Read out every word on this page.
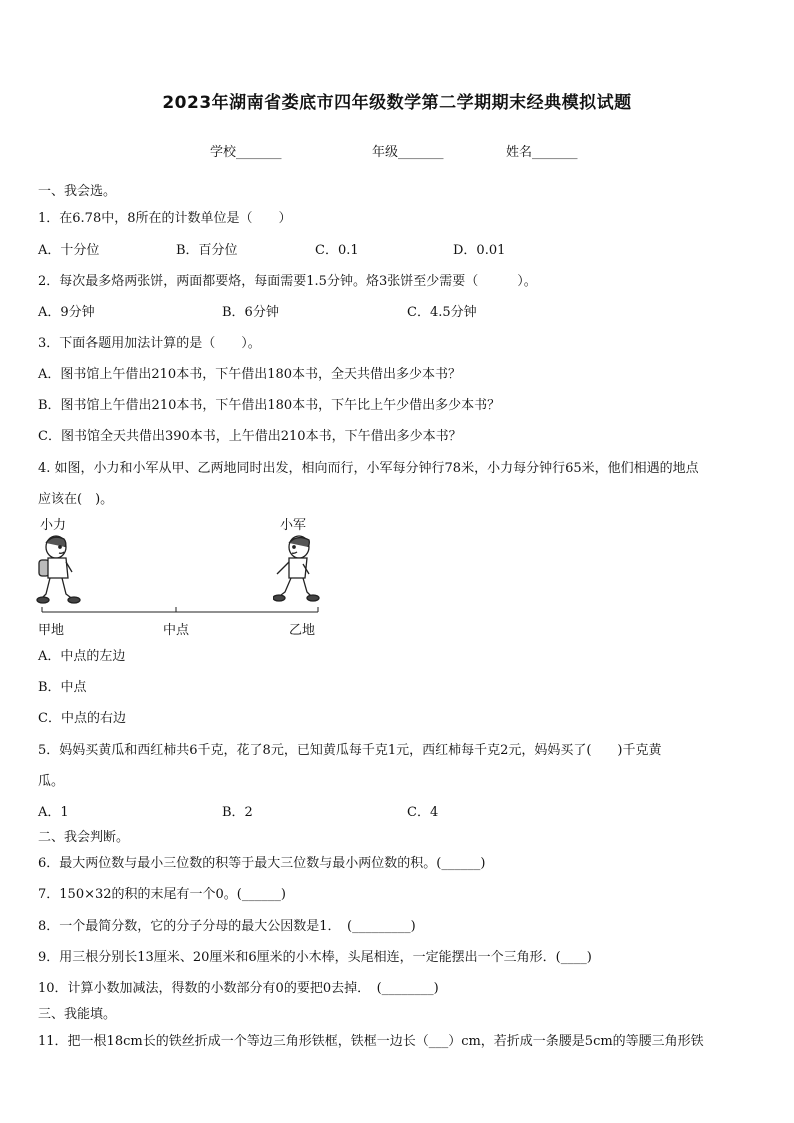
2023年湖南省娄底市四年级数学第二学期期末经典模拟试题
学校_______	年级_______	姓名_______
一、我会选。
1．在6.78中，8所在的计数单位是（　　）
A．十分位	B．百分位	C．0.1	D．0.01
2．每次最多烙两张饼，两面都要烙，每面需要1.5分钟。烙3张饼至少需要（　　　）。
A．9分钟	B．6分钟	C．4.5分钟
3．下面各题用加法计算的是（　　）。
A．图书馆上午借出210本书，下午借出180本书，全天共借出多少本书？
B．图书馆上午借出210本书，下午借出180本书，下午比上午少借出多少本书？
C．图书馆全天共借出390本书，上午借出210本书，下午借出多少本书？
4. 如图，小力和小军从甲、乙两地同时出发，相向而行，小军每分钟行78米，小力每分钟行65米，他们相遇的地点
应该在(　)。
小力	小军
甲地	中点	乙地
A．中点的左边
B．中点
C．中点的右边
5．妈妈买黄瓜和西红柿共6千克，花了8元，已知黄瓜每千克1元，西红柿每千克2元，妈妈买了(　　)千克黄
瓜。
A．1	B．2	C．4
二、我会判断。
6．最大两位数与最小三位数的积等于最大三位数与最小两位数的积。(______)
7．150×32的积的末尾有一个0。(______)
8．一个最简分数，它的分子分母的最大公因数是1．　(_________)
9．用三根分别长13厘米、20厘米和6厘米的小木棒，头尾相连，一定能摆出一个三角形．(____)
10．计算小数加减法，得数的小数部分有0的要把0去掉．　(________)
三、我能填。
11．把一根18cm长的铁丝折成一个等边三角形铁框，铁框一边长（___）cm，若折成一条腰是5cm的等腰三角形铁
